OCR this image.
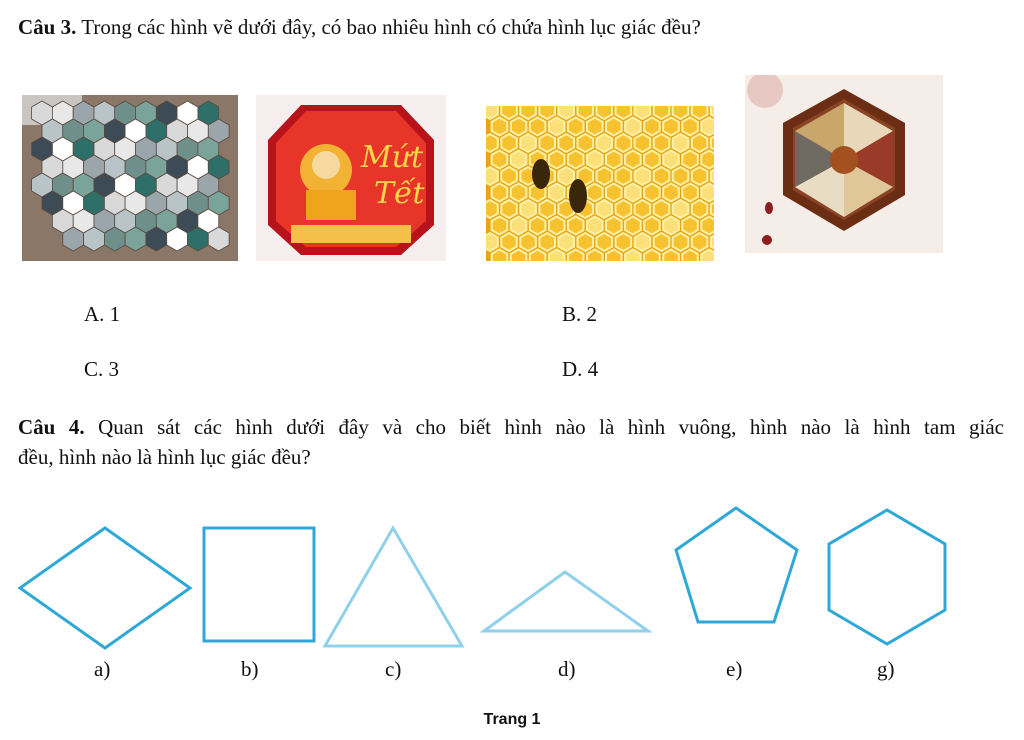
Câu 3. Trong các hình vẽ dưới đây, có bao nhiêu hình có chứa hình lục giác đều?
Mứt
Tết
A. 1	B. 2
C. 3	D. 4
Câu 4. Quan sát các hình dưới đây và cho biết hình nào là hình vuông, hình nào là hình tam giác
đều, hình nào là hình lục giác đều?
a)	b)	c)	d)	e)	g)
Trang 1
